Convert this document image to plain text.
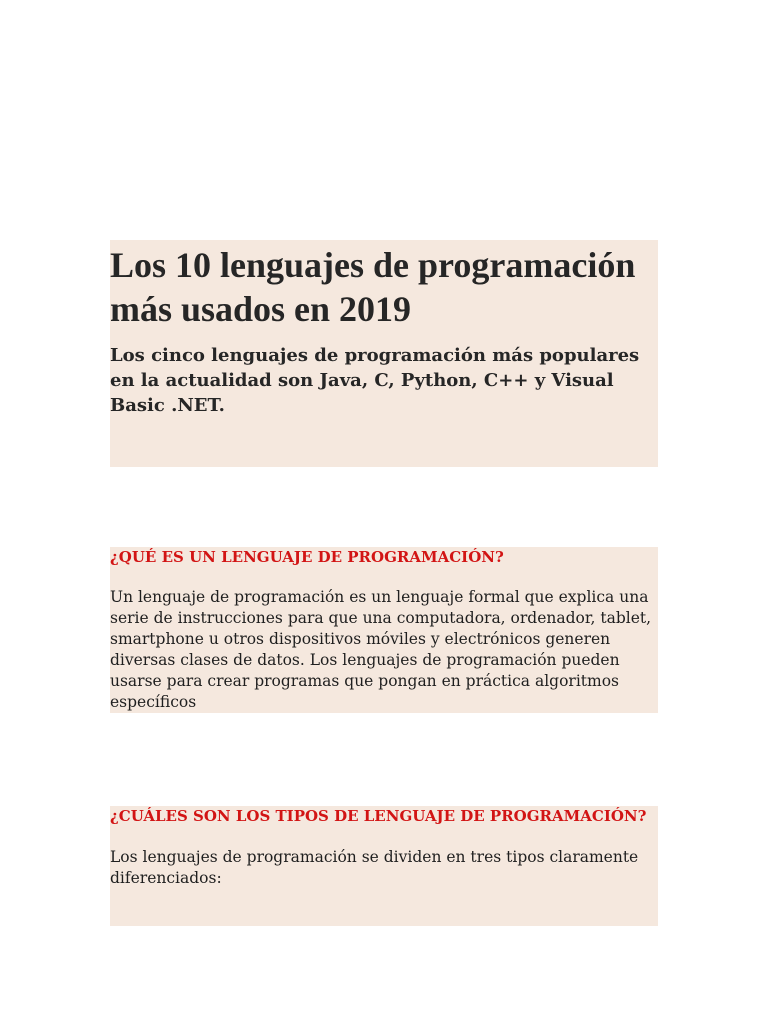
Los 10 lenguajes de programación más usados en 2019

Los cinco lenguajes de programación más populares en la actualidad son Java, C, Python, C++ y Visual Basic .NET.

¿QUÉ ES UN LENGUAJE DE PROGRAMACIÓN?

Un lenguaje de programación es un lenguaje formal que explica una serie de instrucciones para que una computadora, ordenador, tablet, smartphone u otros dispositivos móviles y electrónicos generen diversas clases de datos. Los lenguajes de programación pueden usarse para crear programas que pongan en práctica algoritmos específicos

¿CUÁLES SON LOS TIPOS DE LENGUAJE DE PROGRAMACIÓN?

Los lenguajes de programación se dividen en tres tipos claramente diferenciados:
